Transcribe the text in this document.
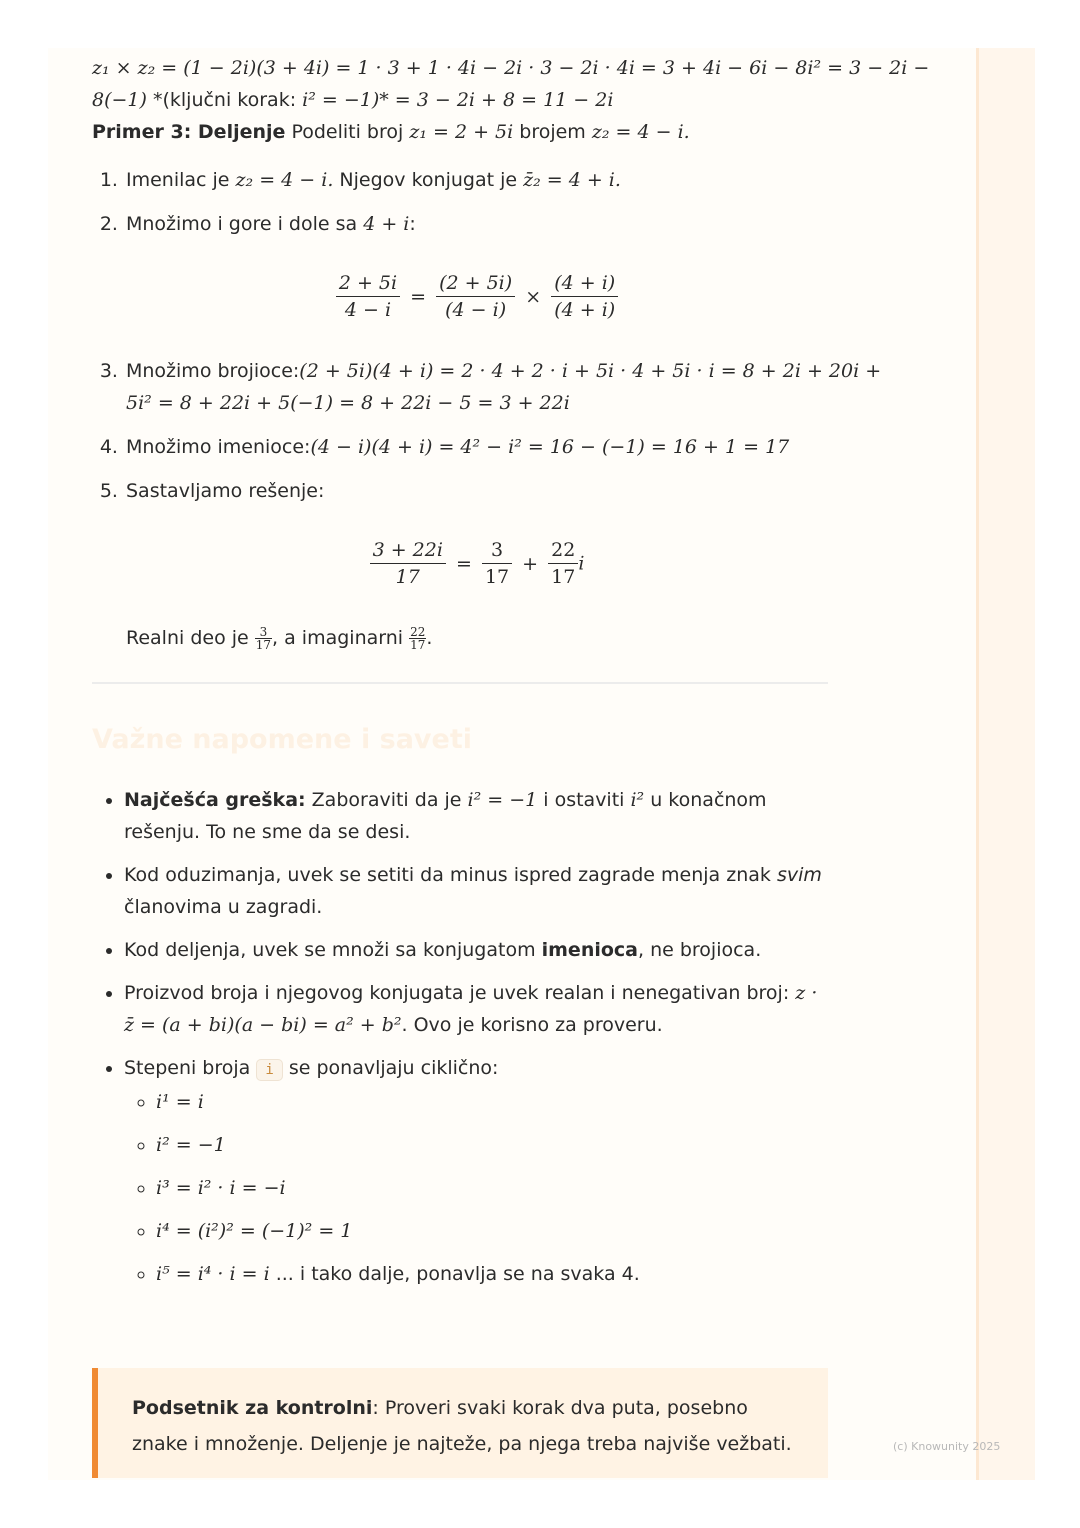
z₁ × z₂ = (1 − 2i)(3 + 4i) = 1 · 3 + 1 · 4i − 2i · 3 − 2i · 4i = 3 + 4i − 6i − 8i² = 3 − 2i −

8(−1) *(ključni korak: i² = −1)* = 3 − 2i + 8 = 11 − 2i

Primer 3: Deljenje Podeliti broj z₁ = 2 + 5i brojem z₂ = 4 − i.

1. Imenilac je z₂ = 4 − i. Njegov konjugat je z̄₂ = 4 + i.
2. Množimo i gore i dole sa 4 + i:
$\frac{2 + 5i}{4 - i} = \frac{(2 + 5i)}{(4 - i)} \times \frac{(4 + i)}{(4 + i)}$
3. Množimo brojioce:(2 + 5i)(4 + i) = 2 · 4 + 2 · i + 5i · 4 + 5i · i = 8 + 2i + 20i +
5i² = 8 + 22i + 5(−1) = 8 + 22i − 5 = 3 + 22i
4. Množimo imenioce:(4 − i)(4 + i) = 4² − i² = 16 − (−1) = 16 + 1 = 17
5. Sastavljamo rešenje:
$\frac{3 + 22i}{17} = \frac{3}{17} + \frac{22}{17}$ i

Realni deo je $\frac{3}{17}$ , a imaginarni $\frac{22}{17}$ .

Važne napomene i saveti
• Najčešća greška: Zaboraviti da je i² = −1 i ostaviti i² u konačnom rešenju. To ne sme da se desi.
• Kod oduzimanja, uvek se setiti da minus ispred zagrade menja znak svim članovima u zagradi.
• Kod deljenja, uvek se množi sa konjugatom imenioca, ne brojioca.
• Proizvod broja i njegovog konjugata je uvek realan i nenegativan broj: z ·
z̄ = (a + bi)(a − bi) = a² + b². Ovo je korisno za proveru.
• Stepeni broja i se ponavljaju ciklično:
◦ i¹ = i
◦ i² = −1
◦ i³ = i² · i = −i
◦ i⁴ = (i²)² = (−1)² = 1
◦ i⁵ = i⁴ · i = i ... i tako dalje, ponavlja se na svaka 4.
Podsetnik za kontrolni: Proveri svaki korak dva puta, posebno znake i množenje. Deljenje je najteže, pa njega treba najviše vežbati.	(c) Knowunity 2025
